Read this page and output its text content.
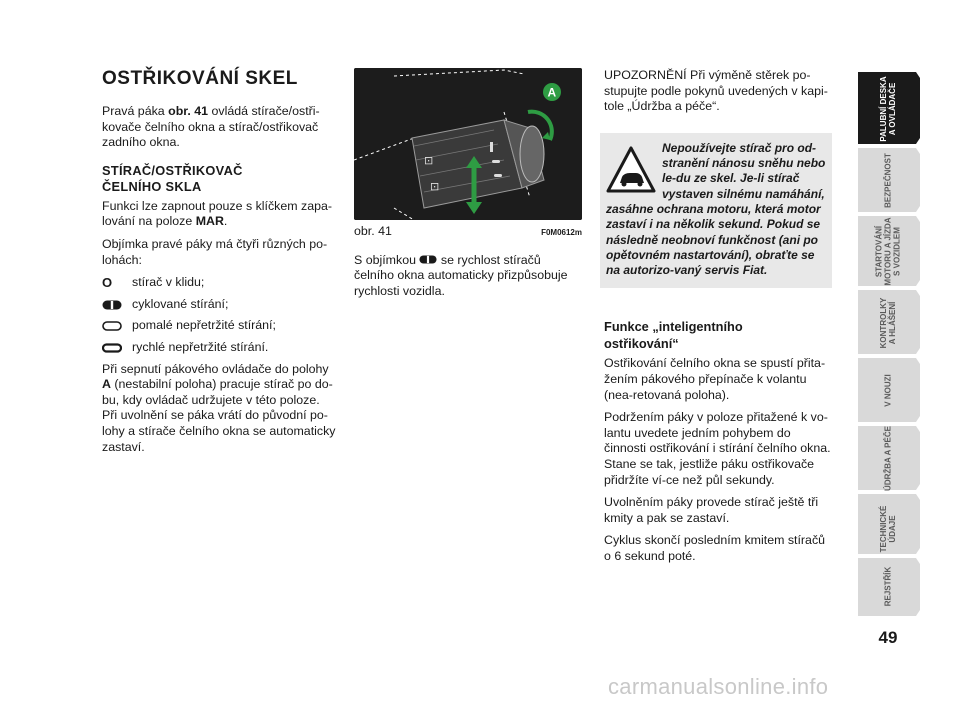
OSTŘIKOVÁNÍ SKEL

Pravá páka obr. 41 ovládá stírače/ostři-kovače čelního okna a stírač/ostřikovač zadního okna.

STÍRAČ/OSTŘIKOVAČ
ČELNÍHO SKLA

Funkci lze zapnout pouze s klíčkem zapa-lování na poloze MAR.

Objímka pravé páky má čtyři různých po-lohách:

O stírač v klidu;
cyklované stírání;
pomalé nepřetržité stírání;
rychlé nepřetržité stírání.

Při sepnutí pákového ovládače do polohy A (nestabilní poloha) pracuje stírač po do-bu, kdy ovládač udržujete v této poloze. Při uvolnění se páka vrátí do původní po-lohy a stírače čelního okna se automaticky zastaví.

⊡
⊡
A
obr. 41	F0M0612m

S objímkou  se rychlost stíračů čelního okna automaticky přizpůsobuje rychlosti vozidla.

UPOZORNĚNÍ Při výměně stěrek po-stupujte podle pokynů uvedených v kapi-tole „Údržba a péče“.

Nepoužívejte stírač pro od-stranění nánosu sněhu nebo le-du ze skel. Je-li stírač vystaven silnému namáhání, zasáhne ochrana motoru, která motor zastaví i na několik sekund. Pokud se následně neobnoví funkčnost (ani po opětovném nastartování), obraťte se na autorizo-vaný servis Fiat.
Funkce „inteligentního
ostřikování“

Ostřikování čelního okna se spustí přita-žením pákového přepínače k volantu (nea-retovaná poloha).

Podržením páky v poloze přitažené k vo-lantu uvedete jedním pohybem do činnosti ostřikování i stírání čelního okna. Stane se tak, jestliže páku ostřikovače přidržíte ví-ce než půl sekundy.

Uvolněním páky provede stírač ještě tři kmity a pak se zastaví.

Cyklus skončí posledním kmitem stíračů o 6 sekund poté.

PALUBNÍ DESKA
A OVLÁDAČE
BEZPEČNOST
STARTOVÁNÍ
MOTORU A JÍZDA
S VOZIDLEM
KONTROLKY
A HLÁŠENÍ
V NOUZI
ÚDRŽBA A PÉČE
TECHNICKÉ ÚDAJE
REJSTŘÍK
49
carmanualsonline.info
